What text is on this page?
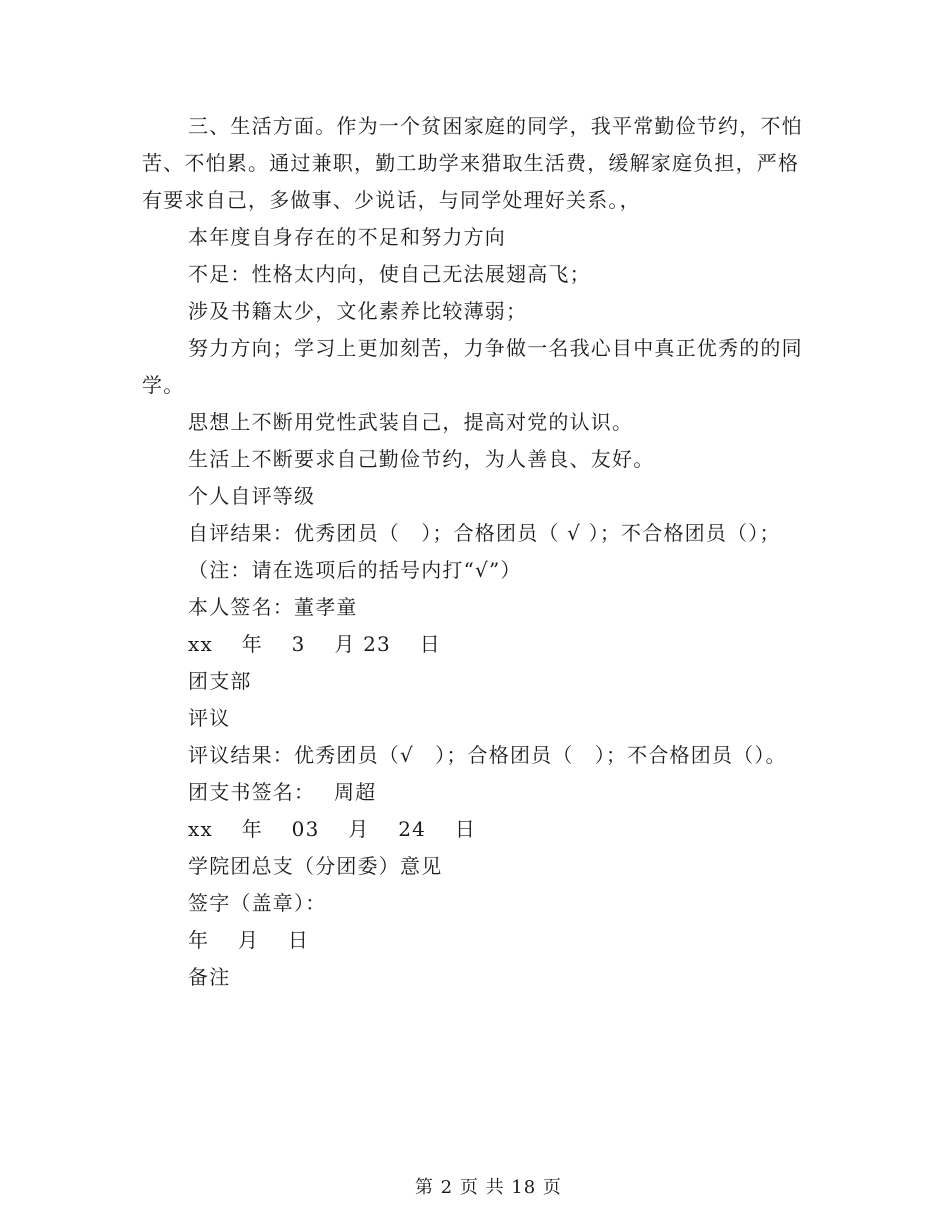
三、生活方面。作为一个贫困家庭的同学，我平常勤俭节约，不怕苦、不怕累。通过兼职，勤工助学来猎取生活费，缓解家庭负担，严格有要求自己，多做事、少说话，与同学处理好关系。，

本年度自身存在的不足和努力方向

不足：性格太内向，使自己无法展翅高飞；

涉及书籍太少，文化素养比较薄弱；

努力方向；学习上更加刻苦，力争做一名我心目中真正优秀的的同学。

思想上不断用党性武装自己，提高对党的认识。

生活上不断要求自己勤俭节约，为人善良、友好。

个人自评等级

自评结果：优秀团员（　）；合格团员（ √ ）；不合格团员（）；

（注：请在选项后的括号内打“√”）

本人签名：董孝童

xx　 年　 3　 月 23　 日

团支部

评议

评议结果：优秀团员（√　）；合格团员（　）；不合格团员（）。

团支书签名：　 周超

xx　 年　 03　 月　 24　 日

学院团总支（分团委）意见

签字（盖章）：

年　 月　 日

备注

第 2 页 共 18 页
